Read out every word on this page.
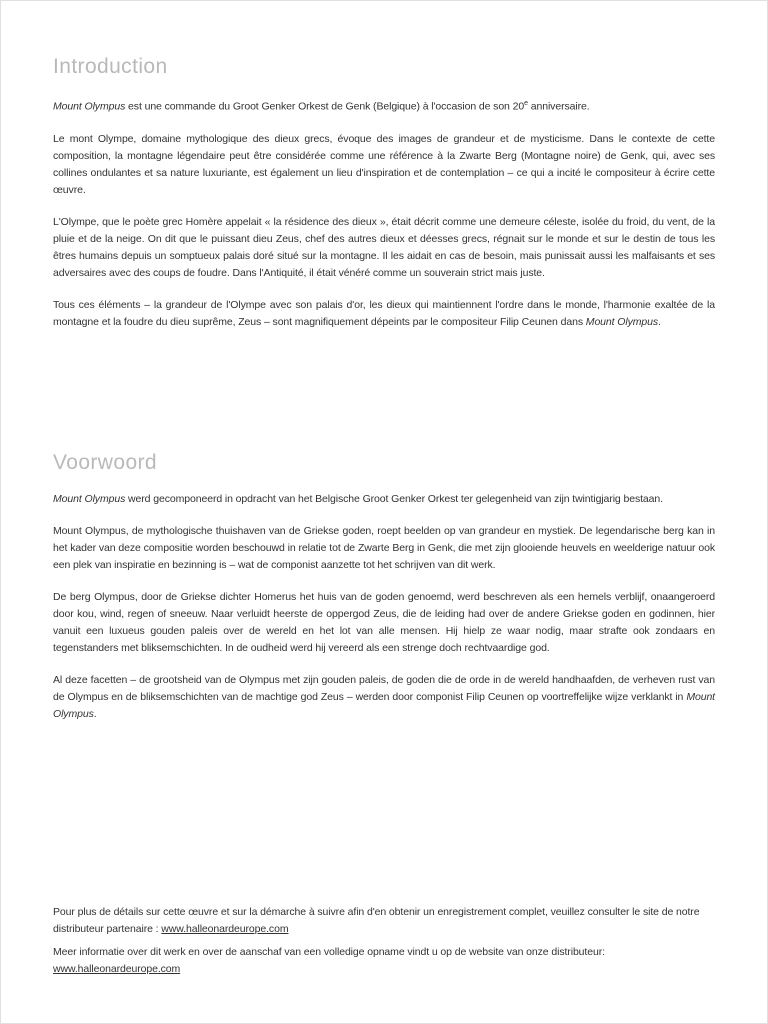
Introduction

Mount Olympus est une commande du Groot Genker Orkest de Genk (Belgique) à l'occasion de son 20e anniversaire.

Le mont Olympe, domaine mythologique des dieux grecs, évoque des images de grandeur et de mysticisme. Dans le contexte de cette composition, la montagne légendaire peut être considérée comme une référence à la Zwarte Berg (Montagne noire) de Genk, qui, avec ses collines ondulantes et sa nature luxuriante, est également un lieu d'inspiration et de contemplation – ce qui a incité le compositeur à écrire cette œuvre.

L'Olympe, que le poète grec Homère appelait « la résidence des dieux », était décrit comme une demeure céleste, isolée du froid, du vent, de la pluie et de la neige. On dit que le puissant dieu Zeus, chef des autres dieux et déesses grecs, régnait sur le monde et sur le destin de tous les êtres humains depuis un somptueux palais doré situé sur la montagne. Il les aidait en cas de besoin, mais punissait aussi les malfaisants et ses adversaires avec des coups de foudre. Dans l'Antiquité, il était vénéré comme un souverain strict mais juste.

Tous ces éléments – la grandeur de l'Olympe avec son palais d'or, les dieux qui maintiennent l'ordre dans le monde, l'harmonie exaltée de la montagne et la foudre du dieu suprême, Zeus – sont magnifiquement dépeints par le compositeur Filip Ceunen dans Mount Olympus.

Voorwoord

Mount Olympus werd gecomponeerd in opdracht van het Belgische Groot Genker Orkest ter gelegenheid van zijn twintigjarig bestaan.

Mount Olympus, de mythologische thuishaven van de Griekse goden, roept beelden op van grandeur en mystiek. De legendarische berg kan in het kader van deze compositie worden beschouwd in relatie tot de Zwarte Berg in Genk, die met zijn glooiende heuvels en weelderige natuur ook een plek van inspiratie en bezinning is – wat de componist aanzette tot het schrijven van dit werk.

De berg Olympus, door de Griekse dichter Homerus het huis van de goden genoemd, werd beschreven als een hemels verblijf, onaangeroerd door kou, wind, regen of sneeuw. Naar verluidt heerste de oppergod Zeus, die de leiding had over de andere Griekse goden en godinnen, hier vanuit een luxueus gouden paleis over de wereld en het lot van alle mensen. Hij hielp ze waar nodig, maar strafte ook zondaars en tegenstanders met bliksemschichten. In de oudheid werd hij vereerd als een strenge doch rechtvaardige god.

Al deze facetten – de grootsheid van de Olympus met zijn gouden paleis, de goden die de orde in de wereld handhaafden, de verheven rust van de Olympus en de bliksemschichten van de machtige god Zeus – werden door componist Filip Ceunen op voortreffelijke wijze verklankt in Mount Olympus.

Pour plus de détails sur cette œuvre et sur la démarche à suivre afin d'en obtenir un enregistrement complet, veuillez consulter le site de notre distributeur partenaire : www.halleonardeurope.com

Meer informatie over dit werk en over de aanschaf van een volledige opname vindt u op de website van onze distributeur: www.halleonardeurope.com
